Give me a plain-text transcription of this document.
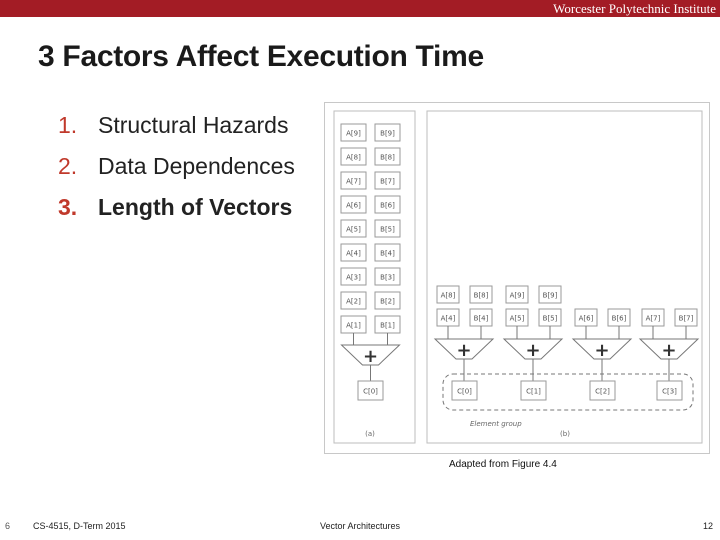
Worcester Polytechnic Institute
3 Factors Affect Execution Time
1. Structural Hazards
2. Data Dependences
3. Length of Vectors
A[9]	B[9]
A[8]	B[8]
A[7]	B[7]
A[6]	B[6]
A[5]	B[5]
A[4]	B[4]
A[3]	B[3]
A[2]	B[2]
A[1]	B[1]
+
C[0]
(a)
A[8]	B[8]	A[9]	B[9]
A[4]	B[4]
+
C[0]
A[5]	B[5]
+
C[1]
A[6]	B[6]
+
C[2]
A[7]	B[7]
+
C[3]
Element group
(b)
Adapted from Figure 4.4
6	CS-4515, D-Term 2015	Vector Architectures	12
